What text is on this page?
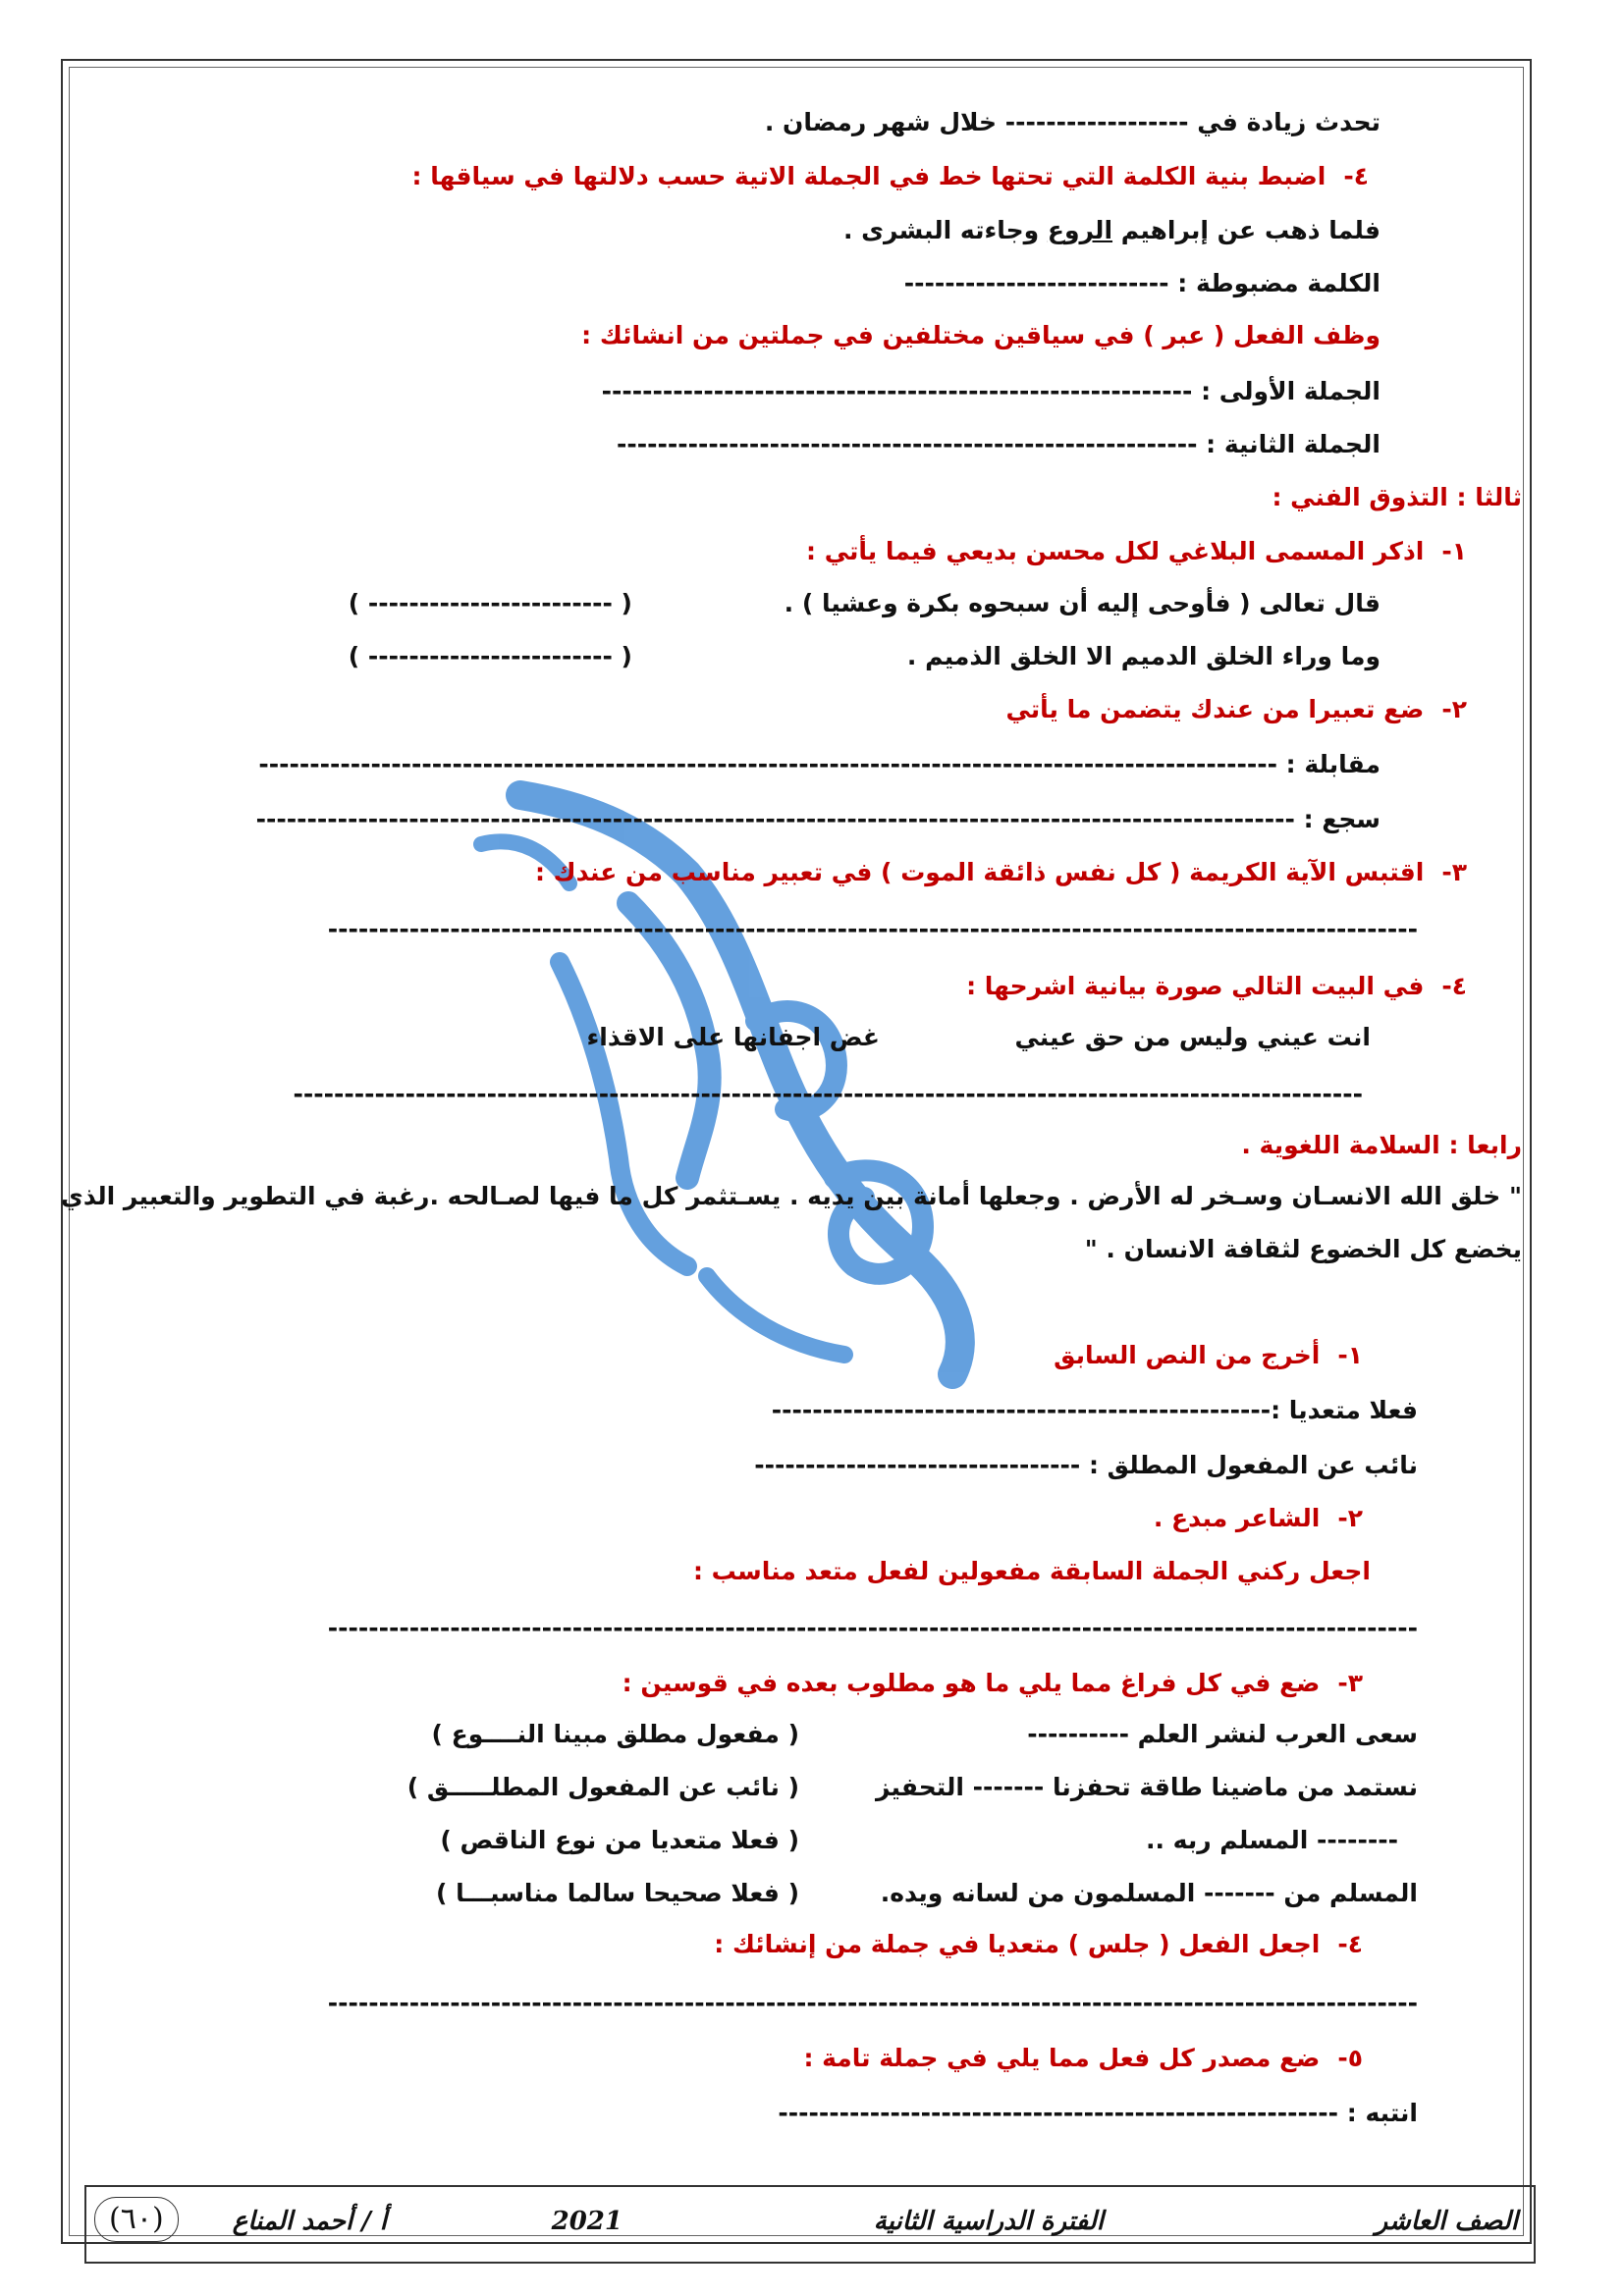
تحدث زيادة في ------------------ خلال شهر رمضان .
٤-اضبط بنية الكلمة التي تحتها خط في الجملة الاتية حسب دلالتها في سياقها :
فلما ذهب عن إبراهيم الروع وجاءته البشرى .
الكلمة مضبوطة : --------------------------
وظف الفعل ( عبر ) في سياقين مختلفين في جملتين من انشائك :
الجملة الأولى : ----------------------------------------------------------
الجملة الثانية : ---------------------------------------------------------
ثالثا : التذوق الفني :
١-اذكر المسمى البلاغي لكل محسن بديعي فيما يأتي :
قال تعالى ( فأوحى إليه أن سبحوه بكرة وعشيا ) .
( ------------------------ )
وما وراء الخلق الدميم الا الخلق الذميم .
( ------------------------ )
٢-ضع تعبيرا من عندك يتضمن ما يأتي
مقابلة : ----------------------------------------------------------------------------------------------------
سجع : ------------------------------------------------------------------------------------------------------
٣-اقتبس الآية الكريمة ( كل نفس ذائقة الموت ) في تعبير مناسب من عندك :
-----------------------------------------------------------------------------------------------------------
٤-في البيت التالي صورة بيانية اشرحها :
انت عيني وليس من حق عيني
غض اجفانها على الاقذاء
---------------------------------------------------------------------------------------------------------
رابعا : السلامة اللغوية .
" خلق الله الانسـان وسـخر له الأرض . وجعلها أمانة بين يديه . يسـتثمر كل ما فيها لصـالحه .رغبة في التطوير والتعبير الذي
يخضع كل الخضوع لثقافة الانسان . "
١-أخرج من النص السابق
فعلا متعديا :-------------------------------------------------
نائب عن المفعول المطلق : --------------------------------
٢-الشاعر مبدع .
اجعل ركني الجملة السابقة مفعولين لفعل متعد مناسب :
-----------------------------------------------------------------------------------------------------------
٣-ضع في كل فراغ مما يلي ما هو مطلوب بعده في قوسين :
سعى العرب لنشر العلم ----------
( مفعول مطلق مبينا النــــوع )
نستمد من ماضينا طاقة تحفزنا ------- التحفيز
( نائب عن المفعول المطلـــــق )
-------- المسلم ربه ..
( فعلا متعديا من نوع الناقص )
المسلم من ------- المسلمون من لسانه ويده.
( فعلا صحيحا سالما مناسبـــا )
٤-اجعل الفعل ( جلس ) متعديا في جملة من إنشائك :
-----------------------------------------------------------------------------------------------------------
٥-ضع مصدر كل فعل مما يلي في جملة تامة :
انتبه : -------------------------------------------------------
الصف العاشر
الفترة الدراسية الثانية
2021
أ / أحمد المناع
(٦٠)
